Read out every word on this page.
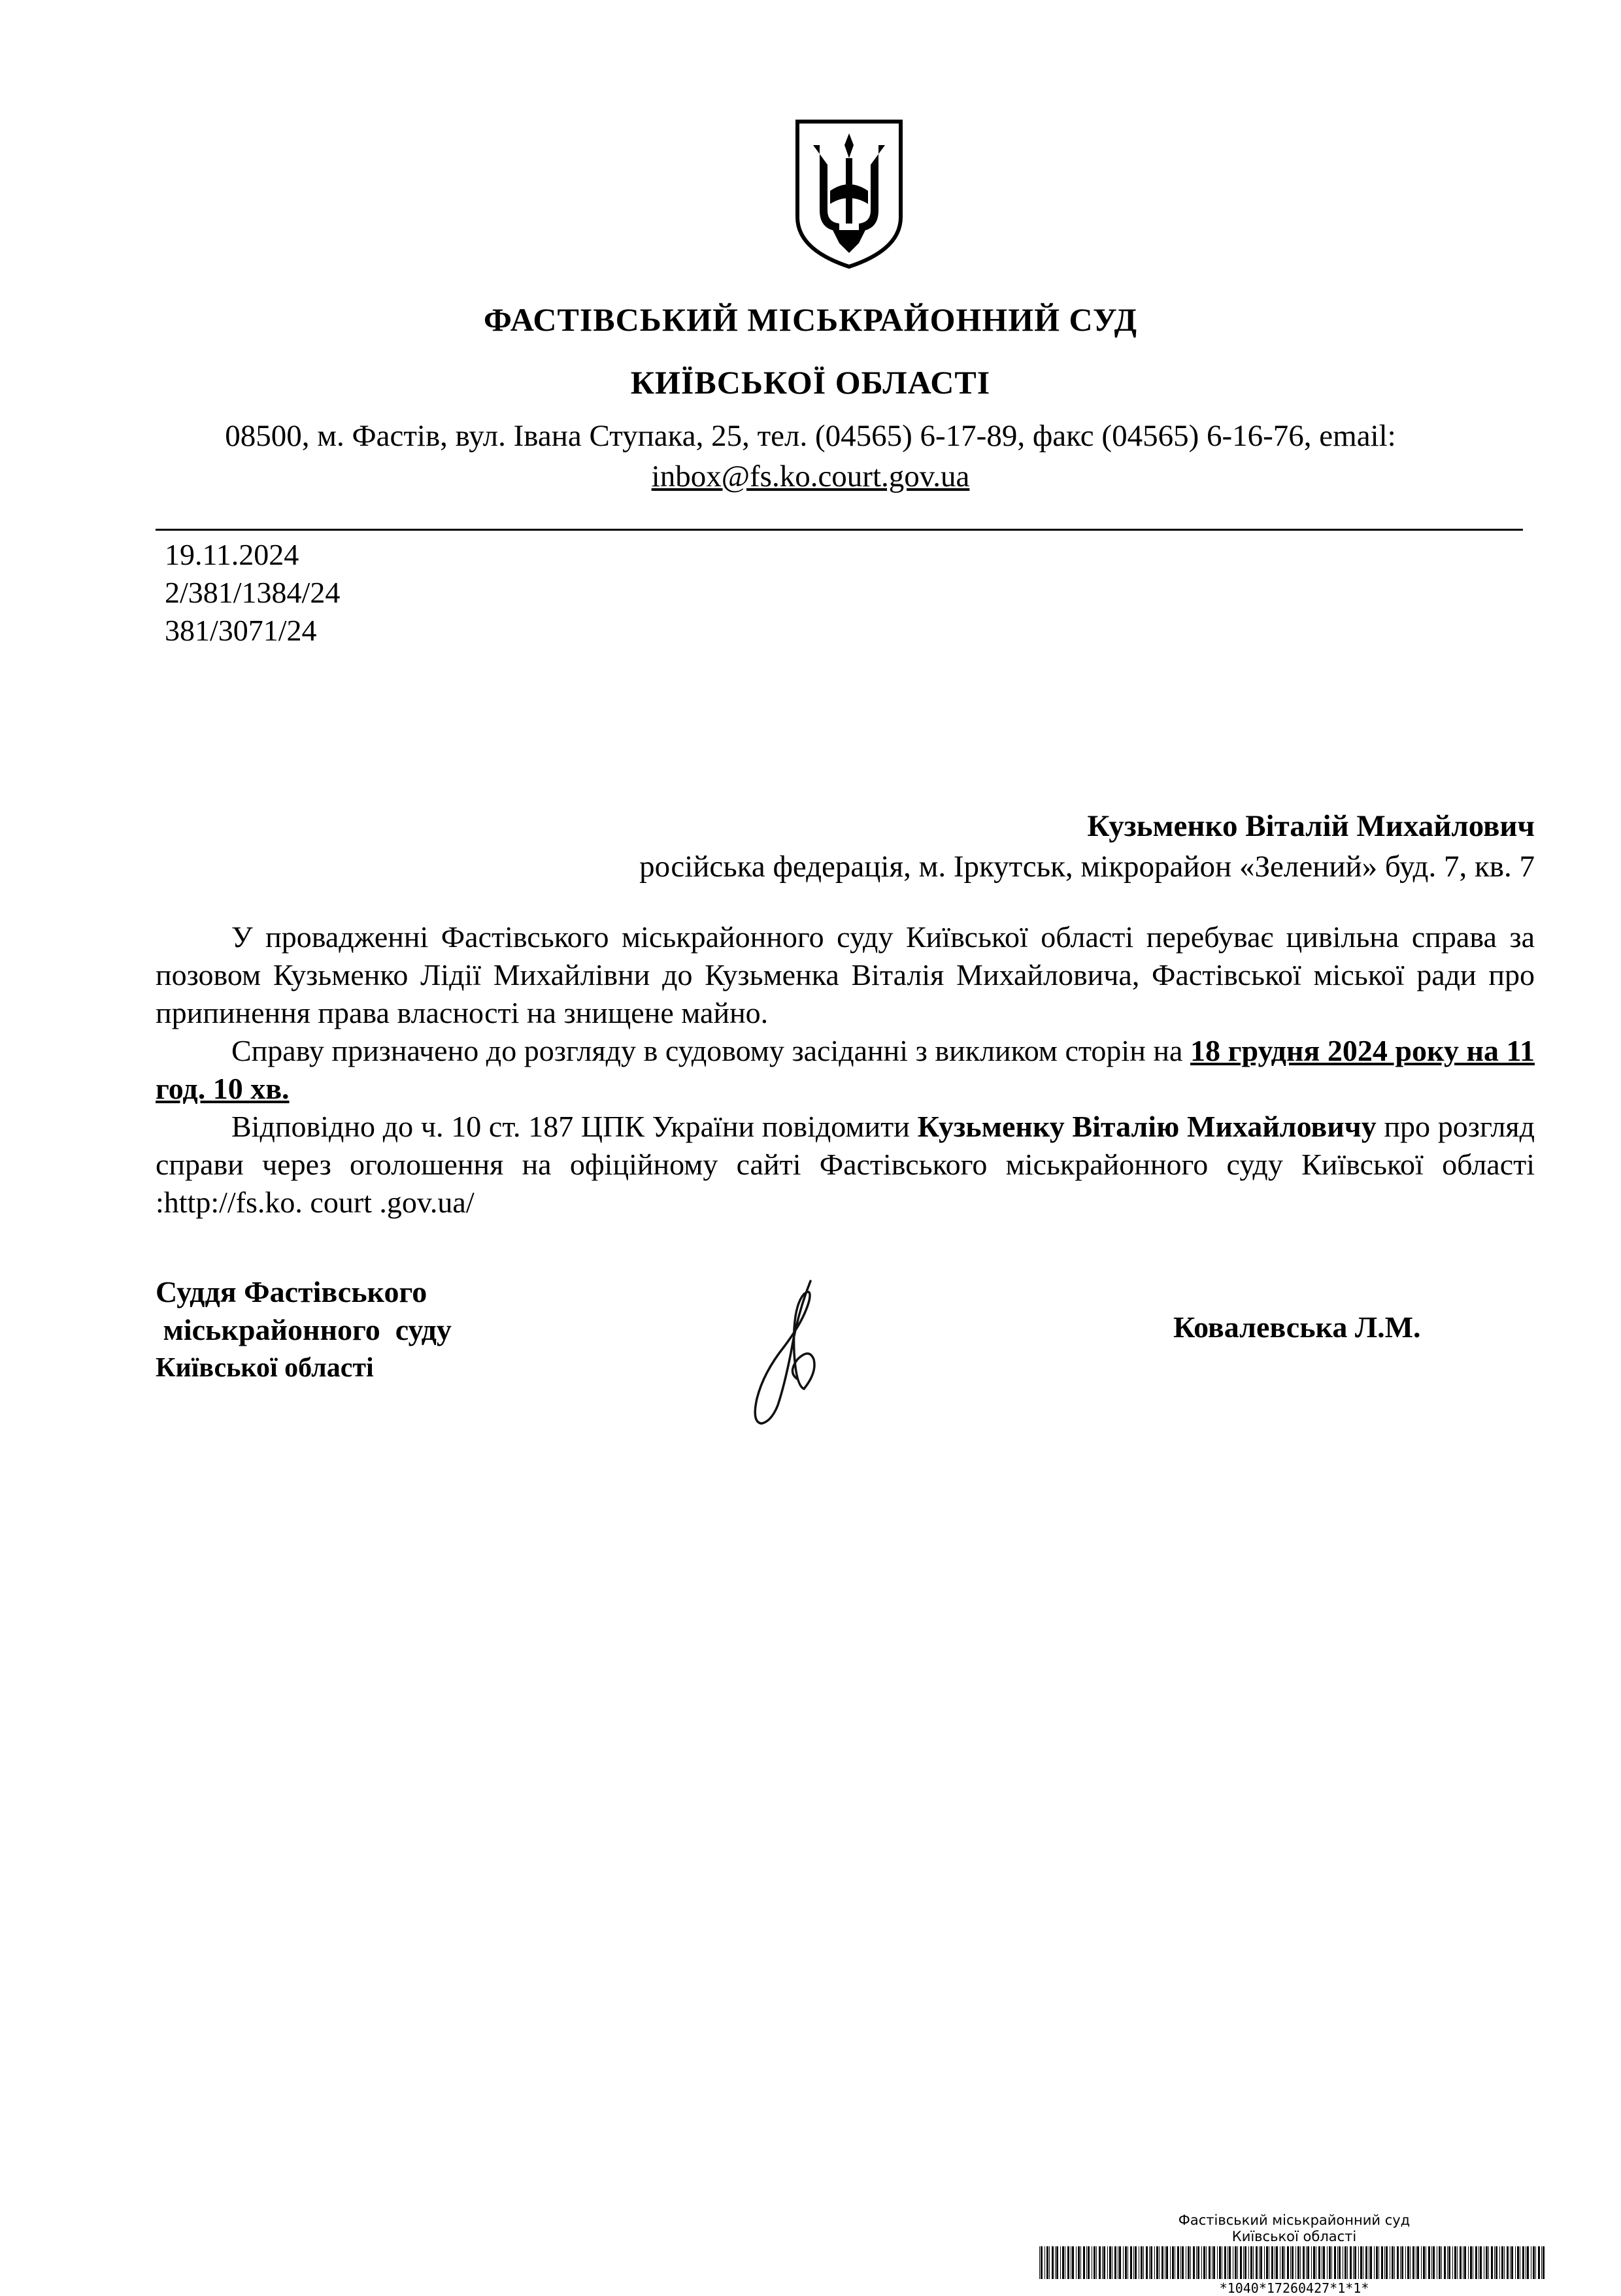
ФАСТІВСЬКИЙ МІСЬКРАЙОННИЙ СУД
КИЇВСЬКОЇ ОБЛАСТІ
08500, м. Фастів, вул. Івана Ступака, 25, тел. (04565) 6-17-89, факс (04565) 6-16-76, email:
inbox@fs.ko.court.gov.ua
19.11.2024
2/381/1384/24
381/3071/24
Кузьменко Віталій Михайлович
російська федерація, м. Іркутськ, мікрорайон «Зелений» буд. 7, кв. 7

У провадженні Фастівського міськрайонного суду Київської області перебуває цивільна справа за позовом Кузьменко Лідії Михайлівни до Кузьменка Віталія Михайловича, Фастівської міської ради про припинення права власності на знищене майно.

Справу призначено до розгляду в судовому засіданні з викликом сторін на 18 грудня 2024 року на 11 год. 10 хв.

Відповідно до ч. 10 ст. 187 ЦПК України повідомити Кузьменку Віталію Михайловичу про розгляд справи через оголошення на офіційному сайті Фастівського міськрайонного суду Київської області :http://fs.ko. court .gov.ua/

Суддя Фастівського
міськрайонного  суду
Київської області
Ковалевська Л.М.
Фастівський міськрайонний суд
Київської області
*1040*17260427*1*1*
